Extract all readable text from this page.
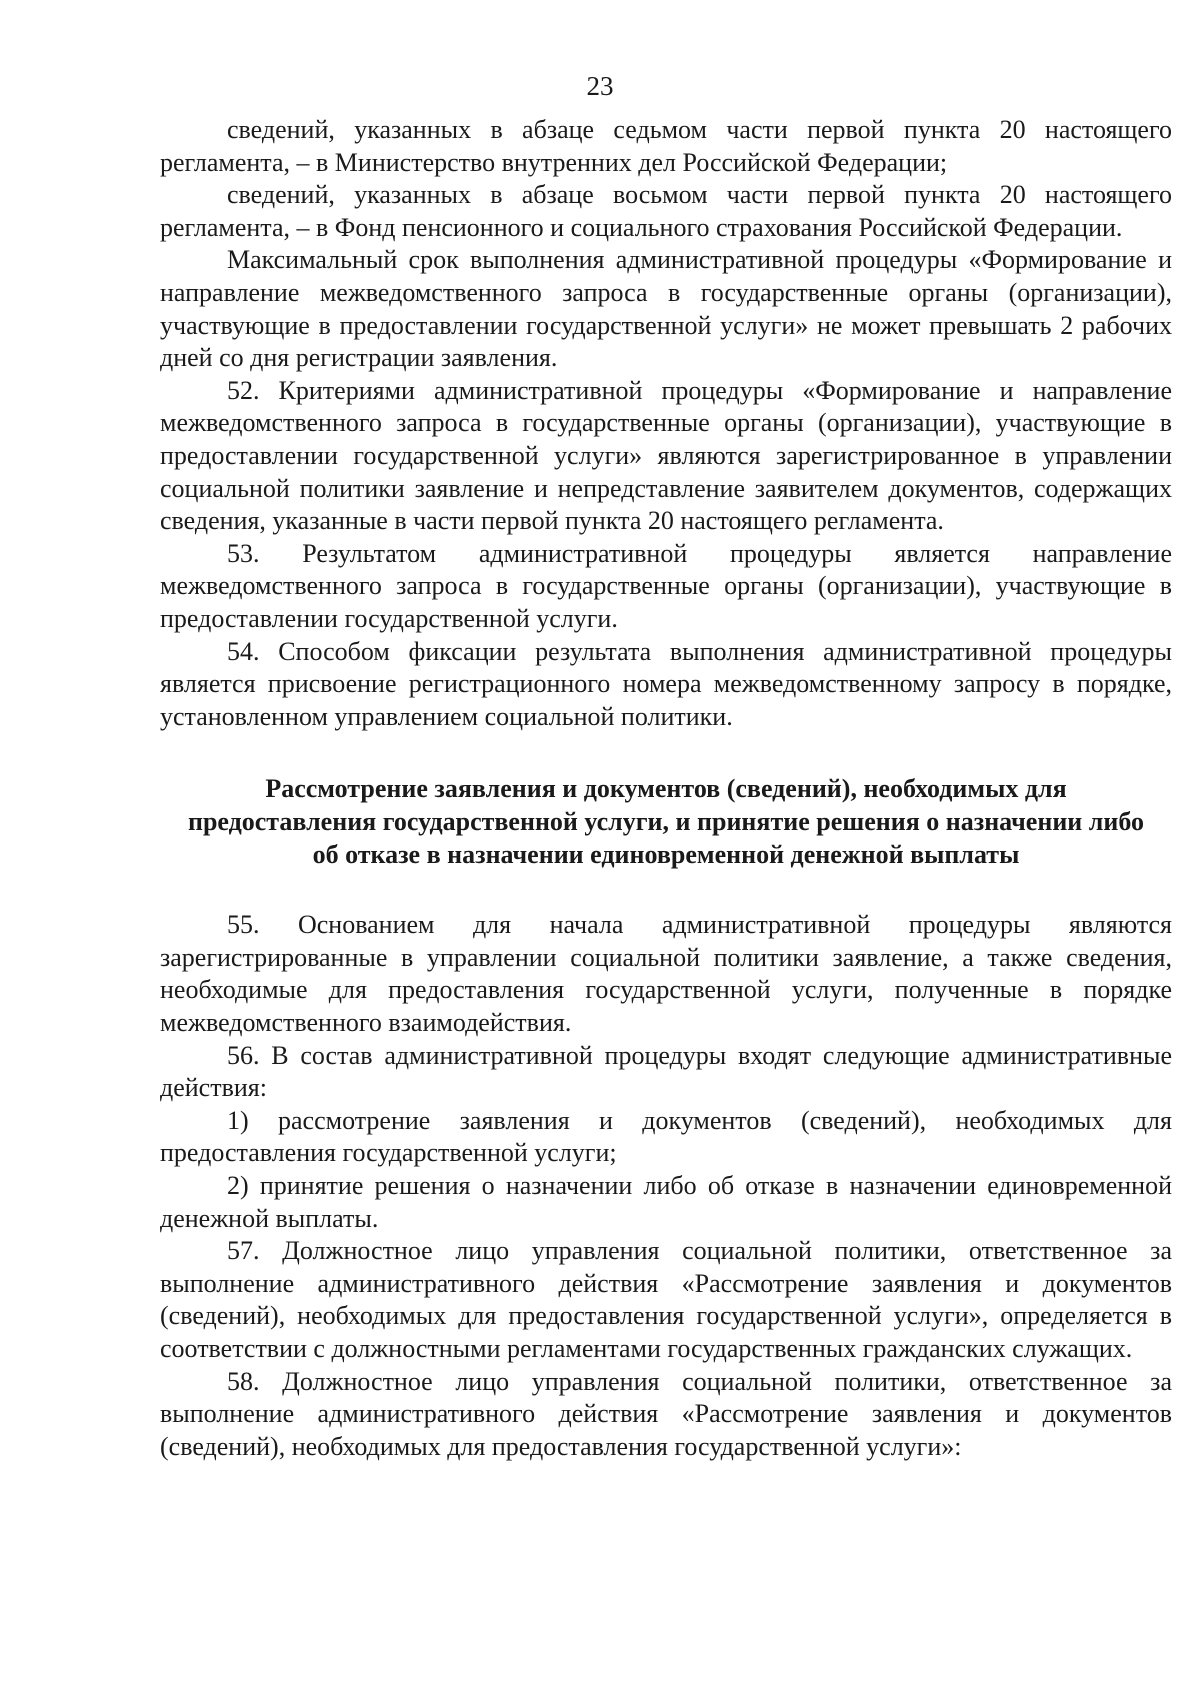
23

сведений, указанных в абзаце седьмом части первой пункта 20 настоящего регламента, – в Министерство внутренних дел Российской Федерации;

сведений, указанных в абзаце восьмом части первой пункта 20 настоящего регламента, – в Фонд пенсионного и социального страхования Российской Федерации.

Максимальный срок выполнения административной процедуры «Формирование и направление межведомственного запроса в государственные органы (организации), участвующие в предоставлении государственной услуги» не может превышать 2 рабочих дней со дня регистрации заявления.

52. Критериями административной процедуры «Формирование и направление межведомственного запроса в государственные органы (организации), участвующие в предоставлении государственной услуги» являются зарегистрированное в управлении социальной политики заявление и непредставление заявителем документов, содержащих сведения, указанные в части первой пункта 20 настоящего регламента.

53. Результатом административной процедуры является направление межведомственного запроса в государственные органы (организации), участвующие в предоставлении государственной услуги.

54. Способом фиксации результата выполнения административной процедуры является присвоение регистрационного номера межведомственному запросу в порядке, установленном управлением социальной политики.

Рассмотрение заявления и документов (сведений), необходимых для предоставления государственной услуги, и принятие решения о назначении либо об отказе в назначении единовременной денежной выплаты

55. Основанием для начала административной процедуры являются зарегистрированные в управлении социальной политики заявление, а также сведения, необходимые для предоставления государственной услуги, полученные в порядке межведомственного взаимодействия.

56. В состав административной процедуры входят следующие административные действия:

1) рассмотрение заявления и документов (сведений), необходимых для предоставления государственной услуги;

2) принятие решения о назначении либо об отказе в назначении единовременной денежной выплаты.

57. Должностное лицо управления социальной политики, ответственное за выполнение административного действия «Рассмотрение заявления и документов (сведений), необходимых для предоставления государственной услуги», определяется в соответствии с должностными регламентами государственных гражданских служащих.

58. Должностное лицо управления социальной политики, ответственное за выполнение административного действия «Рассмотрение заявления и документов (сведений), необходимых для предоставления государственной услуги»:
